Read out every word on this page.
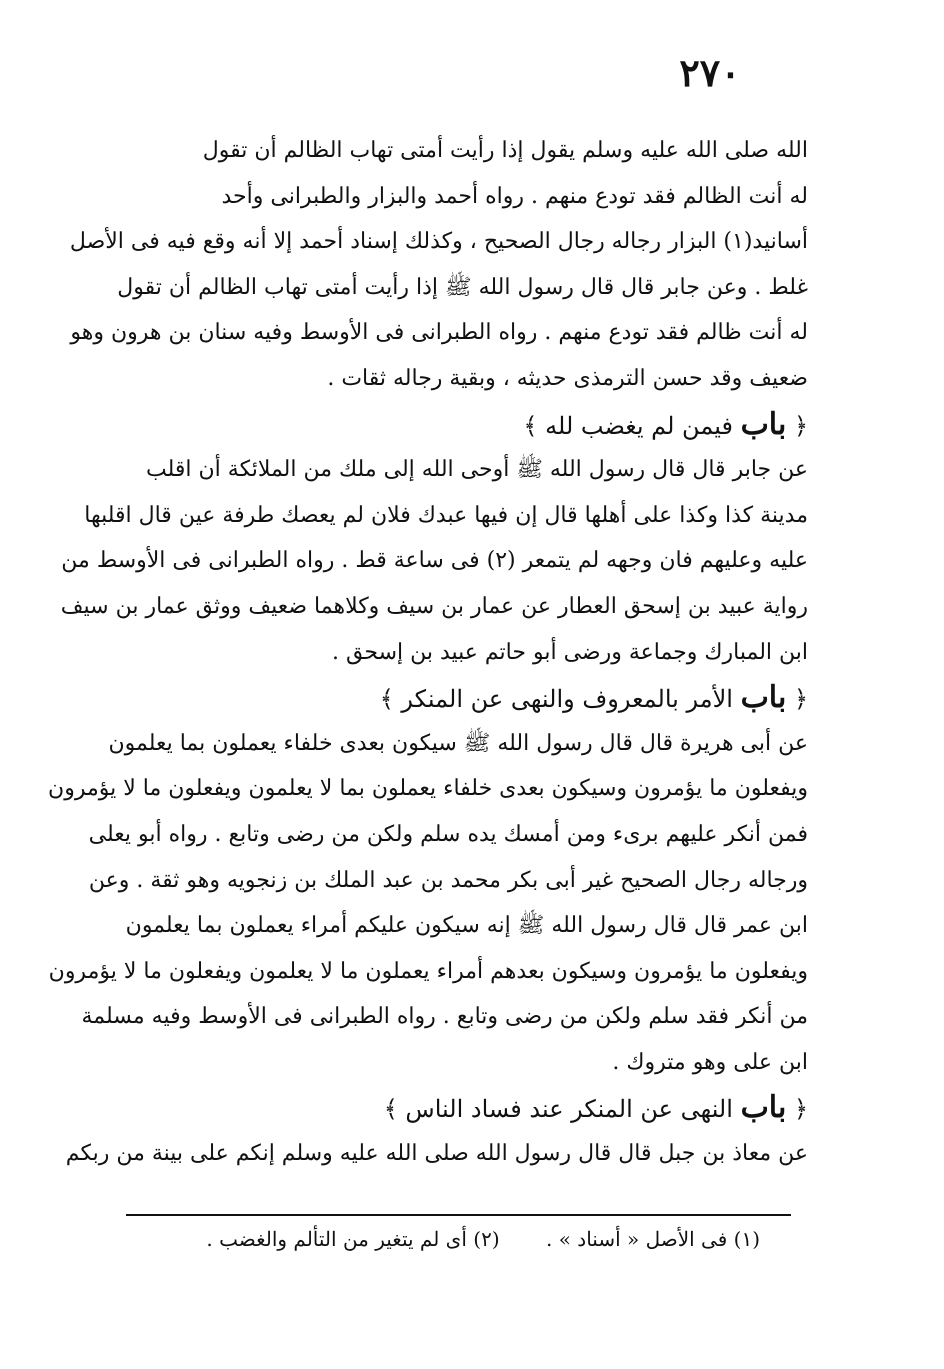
٢٧٠
الله صلى الله عليه وسلم يقول إذا رأيت أمتى تهاب الظالم أن تقول
له أنت الظالم فقد تودع منهم . رواه أحمد والبزار والطبرانى وأحد
أسانيد(١) البزار رجاله رجال الصحيح ، وكذلك إسناد أحمد إلا أنه وقع فيه فى الأصل
غلط . وعن جابر قال قال رسول الله ﷺ إذا رأيت أمتى تهاب الظالم أن تقول
له أنت ظالم فقد تودع منهم . رواه الطبرانى فى الأوسط وفيه سنان بن هرون وهو
ضعيف وقد حسن الترمذى حديثه ، وبقية رجاله ثقات .
﴿ باب فيمن لم يغضب لله ﴾
عن جابر قال قال رسول الله ﷺ أوحى الله إلى ملك من الملائكة أن اقلب
مدينة كذا وكذا على أهلها قال إن فيها عبدك فلان لم يعصك طرفة عين قال اقلبها
عليه وعليهم فان وجهه لم يتمعر (٢) فى ساعة قط . رواه الطبرانى فى الأوسط من
رواية عبيد بن إسحق العطار عن عمار بن سيف وكلاهما ضعيف ووثق عمار بن سيف
ابن المبارك وجماعة ورضى أبو حاتم عبيد بن إسحق .
﴿ باب الأمر بالمعروف والنهى عن المنكر ﴾
عن أبى هريرة قال قال رسول الله ﷺ سيكون بعدى خلفاء يعملون بما يعلمون
ويفعلون ما يؤمرون وسيكون بعدى خلفاء يعملون بما لا يعلمون ويفعلون ما لا يؤمرون
فمن أنكر عليهم برىء ومن أمسك يده سلم ولكن من رضى وتابع . رواه أبو يعلى
ورجاله رجال الصحيح غير أبى بكر محمد بن عبد الملك بن زنجويه وهو ثقة . وعن
ابن عمر قال قال رسول الله ﷺ إنه سيكون عليكم أمراء يعملون بما يعلمون
ويفعلون ما يؤمرون وسيكون بعدهم أمراء يعملون ما لا يعلمون ويفعلون ما لا يؤمرون
من أنكر فقد سلم ولكن من رضى وتابع . رواه الطبرانى فى الأوسط وفيه مسلمة
ابن على وهو متروك .
﴿ باب النهى عن المنكر عند فساد الناس ﴾
عن معاذ بن جبل قال قال رسول الله صلى الله عليه وسلم إنكم على بينة من ربكم
(١) فى الأصل « أسناد » . (٢) أى لم يتغير من التألم والغضب .
